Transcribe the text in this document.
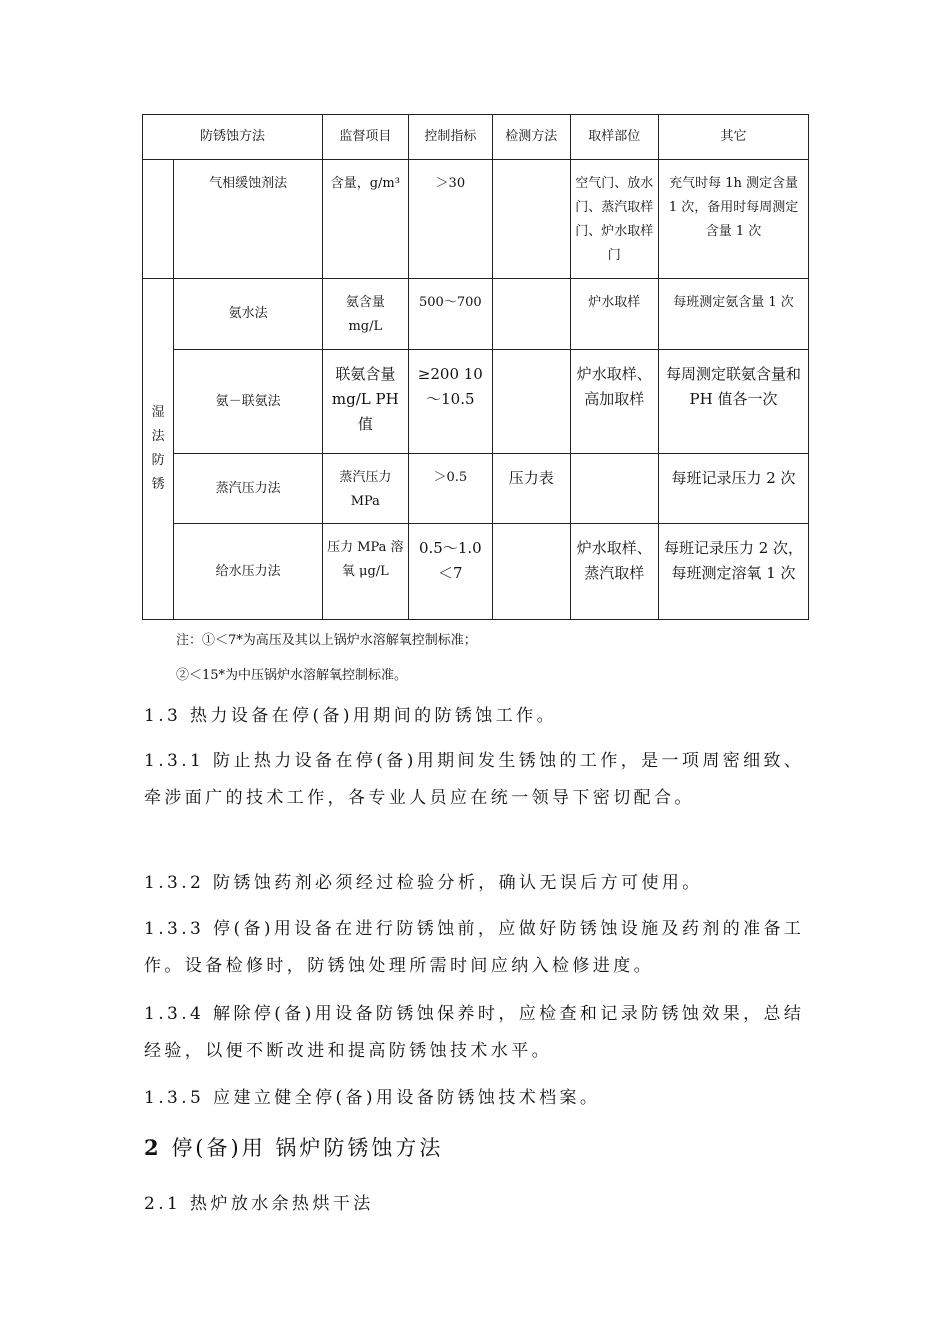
防锈蚀方法		监督项目	控制指标	检测方法	取样部位	其它
	气相缓蚀剂法	含量，g/m³	＞30		空气门、放水门、蒸汽取样门、炉水取样门	充气时每 1h 测定含量 1 次，备用时每周测定含量 1 次

湿法防锈	氨水法	氨含量 mg/L	500～700		炉水取样	每班测定氨含量 1 次
	氨－联氨法	联氨含量 mg/L PH 值	≥200 10～10.5		炉水取样、高加取样	每周测定联氨含量和 PH 值各一次
	蒸汽压力法	蒸汽压力 MPa	＞0.5	压力表		每班记录压力 2 次
	给水压力法	压力 MPa 溶氧 μg/L	0.5～1.0 ＜7		炉水取样、蒸汽取样	每班记录压力 2 次，每班测定溶氧 1 次
注：①＜7*为高压及其以上锅炉水溶解氧控制标准；
②＜15*为中压锅炉水溶解氧控制标准。
1.3 热力设备在停(备)用期间的防锈蚀工作。
1.3.1 防止热力设备在停(备)用期间发生锈蚀的工作，是一项周密细致、牵涉面广的技术工作，各专业人员应在统一领导下密切配合。
1.3.2 防锈蚀药剂必须经过检验分析，确认无误后方可使用。
1.3.3 停(备)用设备在进行防锈蚀前，应做好防锈蚀设施及药剂的准备工作。设备检修时，防锈蚀处理所需时间应纳入检修进度。
1.3.4 解除停(备)用设备防锈蚀保养时，应检查和记录防锈蚀效果，总结经验，以便不断改进和提高防锈蚀技术水平。
1.3.5 应建立健全停(备)用设备防锈蚀技术档案。
2 停(备)用 锅炉防锈蚀方法
2.1 热炉放水余热烘干法
